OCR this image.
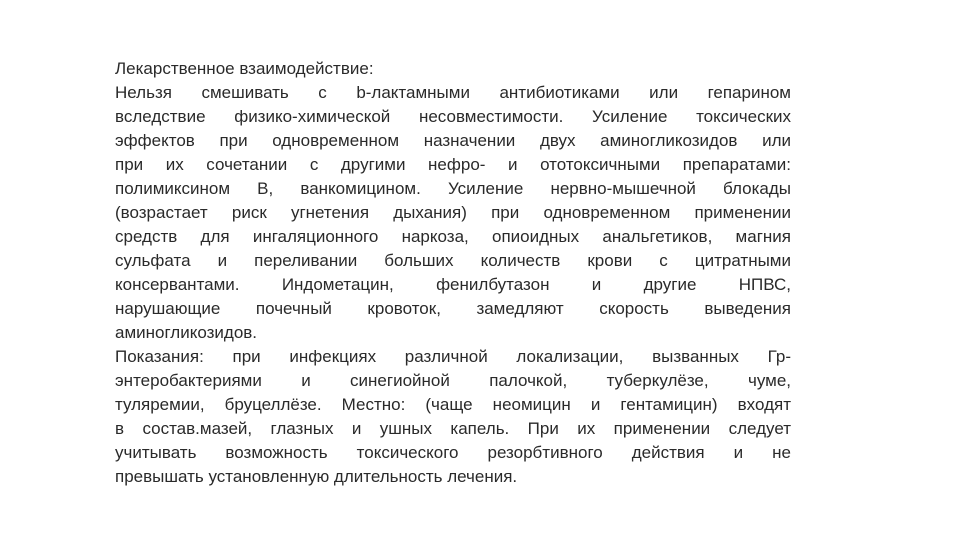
Лекарственное взаимодействие:
Нельзя смешивать с b-лактамными антибиотиками или гепарином
вследствие физико-химической несовместимости. Усиление токсических
эффектов при одновременном назначении двух аминогликозидов или
при их сочетании с другими нефро- и ототоксичными препаратами:
полимиксином В, ванкомицином. Усиление нервно-мышечной блокады
(возрастает риск угнетения дыхания) при одновременном применении
средств для ингаляционного наркоза, опиоидных анальгетиков, магния
сульфата и переливании больших количеств крови с цитратными
консервантами. Индометацин, фенилбутазон и другие НПВС,
нарушающие почечный кровоток, замедляют скорость выведения
аминогликозидов.
Показания: при инфекциях различной локализации, вызванных Гр-
энтеробактериями и синегиойной палочкой, туберкулёзе, чуме,
туляремии, бруцеллёзе. Местно: (чаще неомицин и гентамицин) входят
в состав.мазей, глазных и ушных капель. При их применении следует
учитывать возможность токсического резорбтивного действия и не
превышать установленную длительность лечения.
